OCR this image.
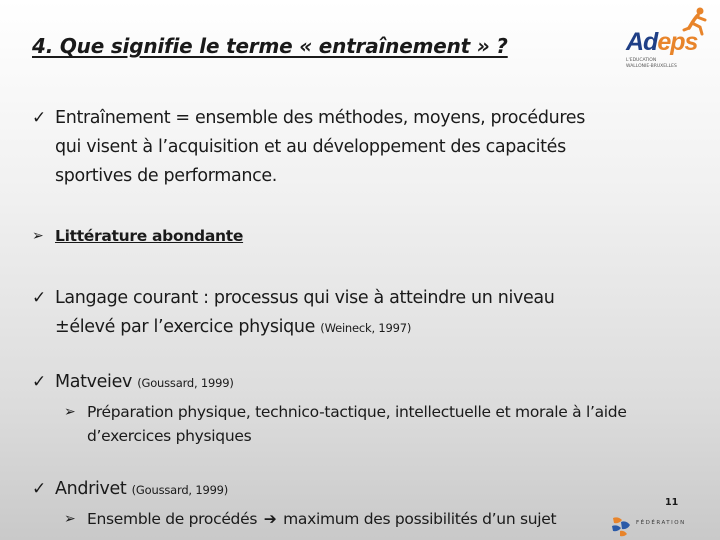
4. Que signifie le terme « entraînement » ?	Adeps
L'EDUCATION
WALLONIE-BRUXELLES
✓ Entraînement = ensemble des méthodes, moyens, procédures
qui visent à l’acquisition et au développement des capacités
sportives de performance.
➢ Littérature abondante
✓ Langage courant : processus qui vise à atteindre un niveau
±élevé par l’exercice physique (Weineck, 1997)
✓ Matveiev (Goussard, 1999)
➢ Préparation physique, technico-tactique, intellectuelle et morale à l’aide
d’exercices physiques
✓ Andrivet (Goussard, 1999)
➢ Ensemble de procédés ➔ maximum des possibilités d’un sujet
11
FÉDÉRATION
